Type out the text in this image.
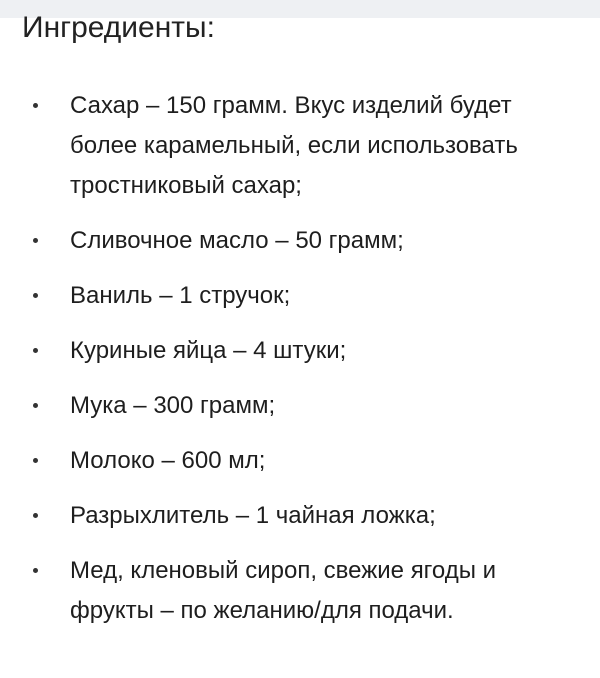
Ингредиенты:
Сахар – 150 грамм. Вкус изделий будет более карамельный, если использовать тростниковый сахар;
Сливочное масло – 50 грамм;
Ваниль – 1 стручок;
Куриные яйца – 4 штуки;
Мука – 300 грамм;
Молоко – 600 мл;
Разрыхлитель – 1 чайная ложка;
Мед, кленовый сироп, свежие ягоды и фрукты – по желанию/для подачи.
